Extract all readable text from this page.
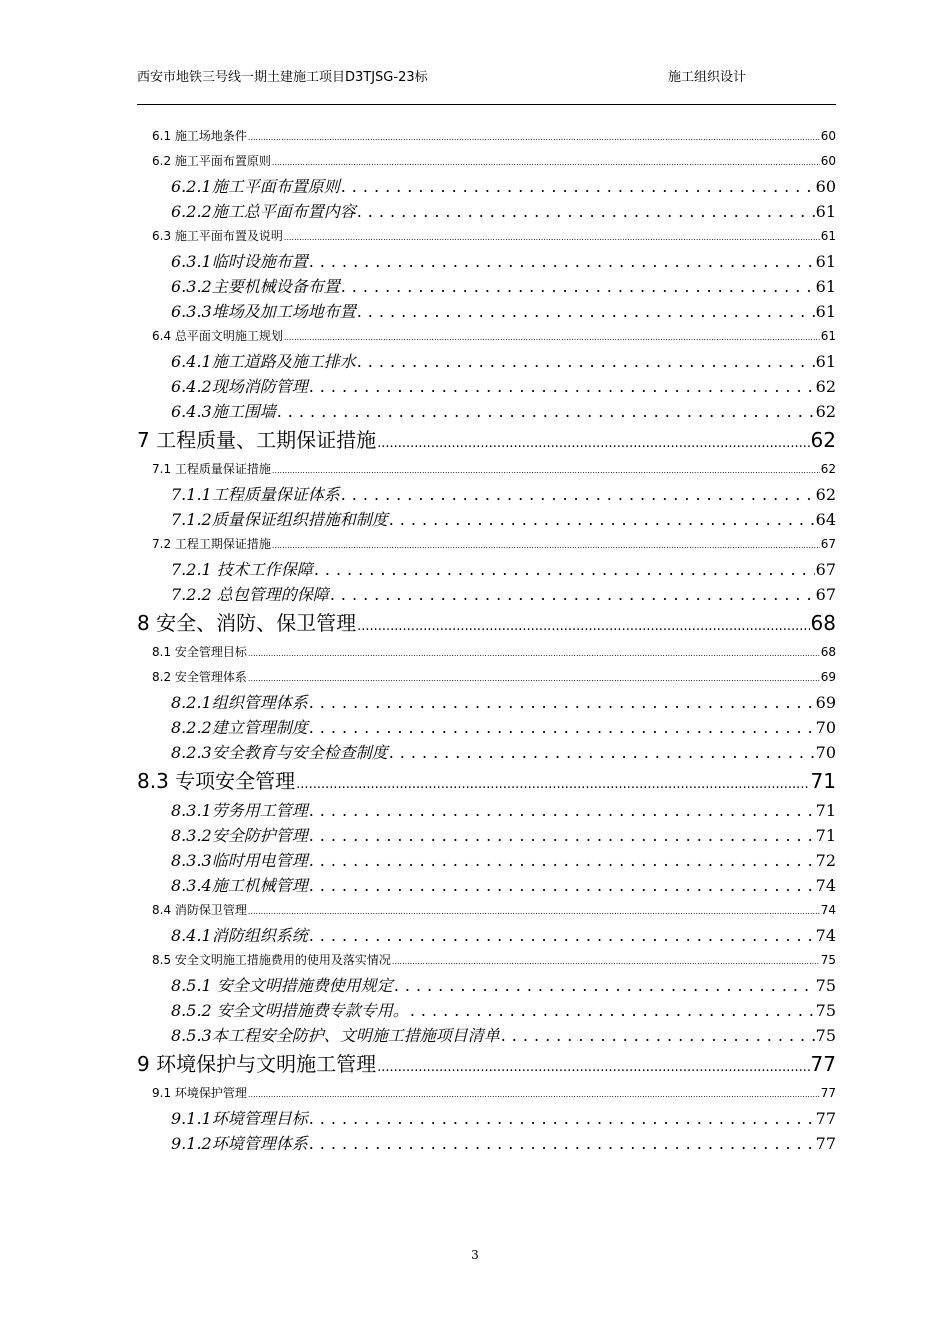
西安市地铁三号线一期土建施工项目D3TJSG-23标	施工组织设计
6.1 施工场地条件 .....	60
6.2 施工平面布置原则 .....	60
6.2.1施工平面布置原则 .....	60
6.2.2施工总平面布置内容 .....	61
6.3 施工平面布置及说明 .....	61
6.3.1临时设施布置 .....	61
6.3.2主要机械设备布置 .....	61
6.3.3堆场及加工场地布置 .....	61
6.4 总平面文明施工规划 .....	61
6.4.1施工道路及施工排水 .....	61
6.4.2现场消防管理 .....	62
6.4.3施工围墙 .....	62
7 工程质量、工期保证措施 .....	62
7.1 工程质量保证措施 .....	62
7.1.1工程质量保证体系 .....	62
7.1.2质量保证组织措施和制度 .....	64
7.2 工程工期保证措施 .....	67
7.2.1 技术工作保障 .....	67
7.2.2 总包管理的保障 .....	67
8 安全、消防、保卫管理 .....	68
8.1 安全管理目标 .....	68
8.2 安全管理体系 .....	69
8.2.1组织管理体系 .....	69
8.2.2建立管理制度 .....	70
8.2.3安全教育与安全检查制度 .....	70
8.3 专项安全管理 .....	71
8.3.1劳务用工管理 .....	71
8.3.2安全防护管理 .....	71
8.3.3临时用电管理 .....	72
8.3.4施工机械管理 .....	74
8.4 消防保卫管理 .....	74
8.4.1消防组织系统 .....	74
8.5 安全文明施工措施费用的使用及落实情况 .....	75
8.5.1 安全文明措施费使用规定 .....	75
8.5.2 安全文明措施费专款专用。 .....	75
8.5.3本工程安全防护、文明施工措施项目清单 .....	75
9 环境保护与文明施工管理 .....	77
9.1 环境保护管理 .....	77
9.1.1环境管理目标 .....	77
9.1.2环境管理体系 .....	77
3
